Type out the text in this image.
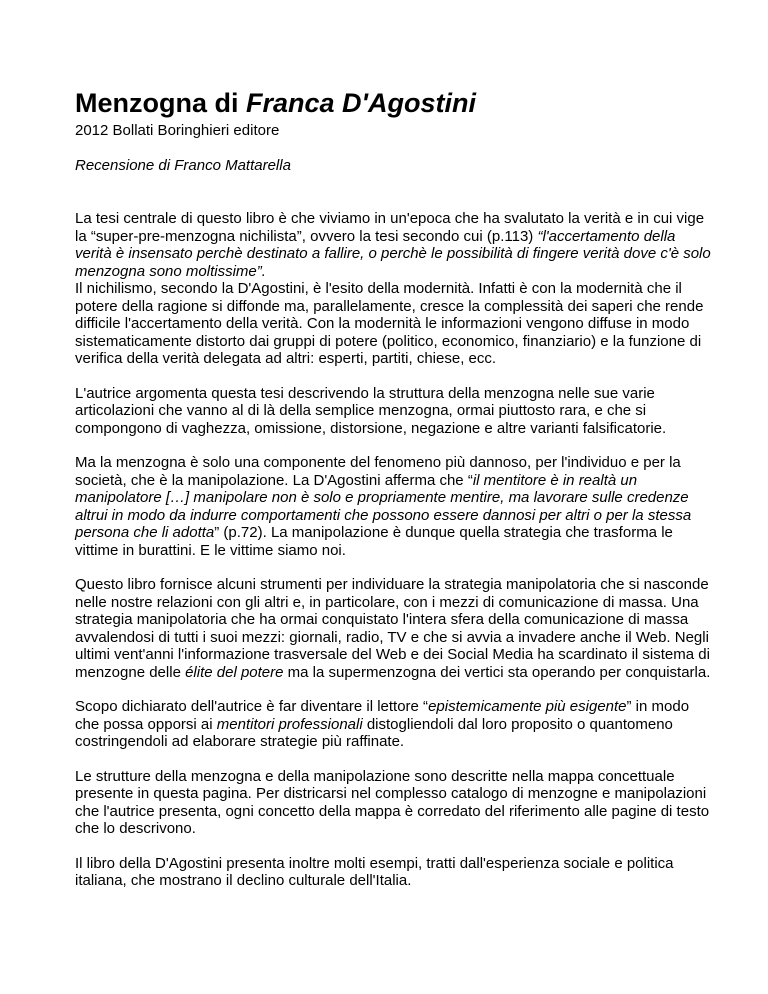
Menzogna di Franca D'Agostini

2012 Bollati Boringhieri editore

Recensione di Franco Mattarella

La tesi centrale di questo libro è che viviamo in un'epoca che ha svalutato la verità e in cui vige la “super-pre-menzogna nichilista”, ovvero la tesi secondo cui (p.113) “l'accertamento della verità è insensato perchè destinato a fallire, o perchè le possibilità di fingere verità dove c'è solo menzogna sono moltissime”.
Il nichilismo, secondo la D'Agostini, è l'esito della modernità. Infatti è con la modernità che il potere della ragione si diffonde ma, parallelamente, cresce la complessità dei saperi che rende difficile l'accertamento della verità. Con la modernità le informazioni vengono diffuse in modo sistematicamente distorto dai gruppi di potere (politico, economico, finanziario) e la funzione di verifica della verità delegata ad altri: esperti, partiti, chiese, ecc.

L'autrice argomenta questa tesi descrivendo la struttura della menzogna nelle sue varie articolazioni che vanno al di là della semplice menzogna, ormai piuttosto rara, e che si compongono di vaghezza, omissione, distorsione, negazione e altre varianti falsificatorie.

Ma la menzogna è solo una componente del fenomeno più dannoso, per l'individuo e per la società, che è la manipolazione. La D'Agostini afferma che “il mentitore è in realtà un manipolatore […] manipolare non è solo e propriamente mentire, ma lavorare sulle credenze altrui in modo da indurre comportamenti che possono essere dannosi per altri o per la stessa persona che li adotta” (p.72). La manipolazione è dunque quella strategia che trasforma le vittime in burattini. E le vittime siamo noi.

Questo libro fornisce alcuni strumenti per individuare la strategia manipolatoria che si nasconde nelle nostre relazioni con gli altri e, in particolare, con i mezzi di comunicazione di massa. Una strategia manipolatoria che ha ormai conquistato l'intera sfera della comunicazione di massa avvalendosi di tutti i suoi mezzi: giornali, radio, TV e che si avvia a invadere anche il Web. Negli ultimi vent'anni l'informazione trasversale del Web e dei Social Media ha scardinato il sistema di menzogne delle élite del potere ma la supermenzogna dei vertici sta operando per conquistarla.

Scopo dichiarato dell'autrice è far diventare il lettore “epistemicamente più esigente” in modo che possa opporsi ai mentitori professionali distogliendoli dal loro proposito o quantomeno costringendoli ad elaborare strategie più raffinate.

Le strutture della menzogna e della manipolazione sono descritte nella mappa concettuale presente in questa pagina. Per districarsi nel complesso catalogo di menzogne e manipolazioni che l'autrice presenta, ogni concetto della mappa è corredato del riferimento alle pagine di testo che lo descrivono.

Il libro della D'Agostini presenta inoltre molti esempi, tratti dall'esperienza sociale e politica italiana, che mostrano il declino culturale dell'Italia.
